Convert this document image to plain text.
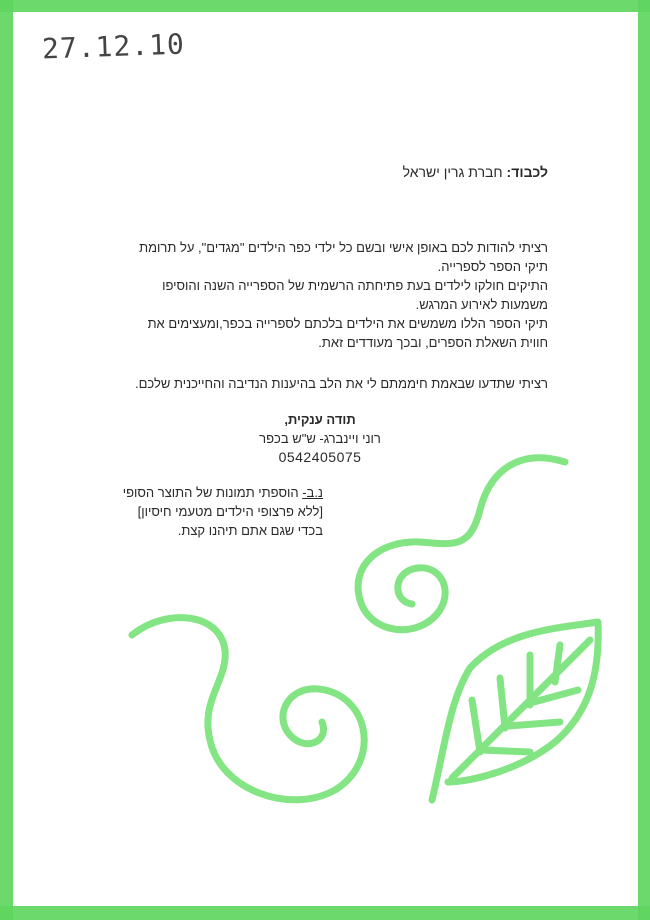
27.12.10
לכבוד: חברת גרין ישראל
רציתי להודות לכם באופן אישי ובשם כל ילדי כפר הילדים "מגדים", על תרומת
תיקי הספר לספרייה.
התיקים חולקו לילדים בעת פתיחתה הרשמית של הספרייה השנה והוסיפו
משמעות לאירוע המרגש.
תיקי הספר הללו משמשים את הילדים בלכתם לספרייה בכפר,ומעצימים את
חווית השאלת הספרים, ובכך מעודדים זאת.
רציתי שתדעו שבאמת חיממתם לי את הלב בהיענות הנדיבה והחייכנית שלכם.
תודה ענקית,
רוני ויינברג- ש"ש בכפר
0542405075
נ.ב- הוספתי תמונות של התוצר הסופי
[ללא פרצופי הילדים מטעמי חיסיון]
בכדי שגם אתם תיהנו קצת.
